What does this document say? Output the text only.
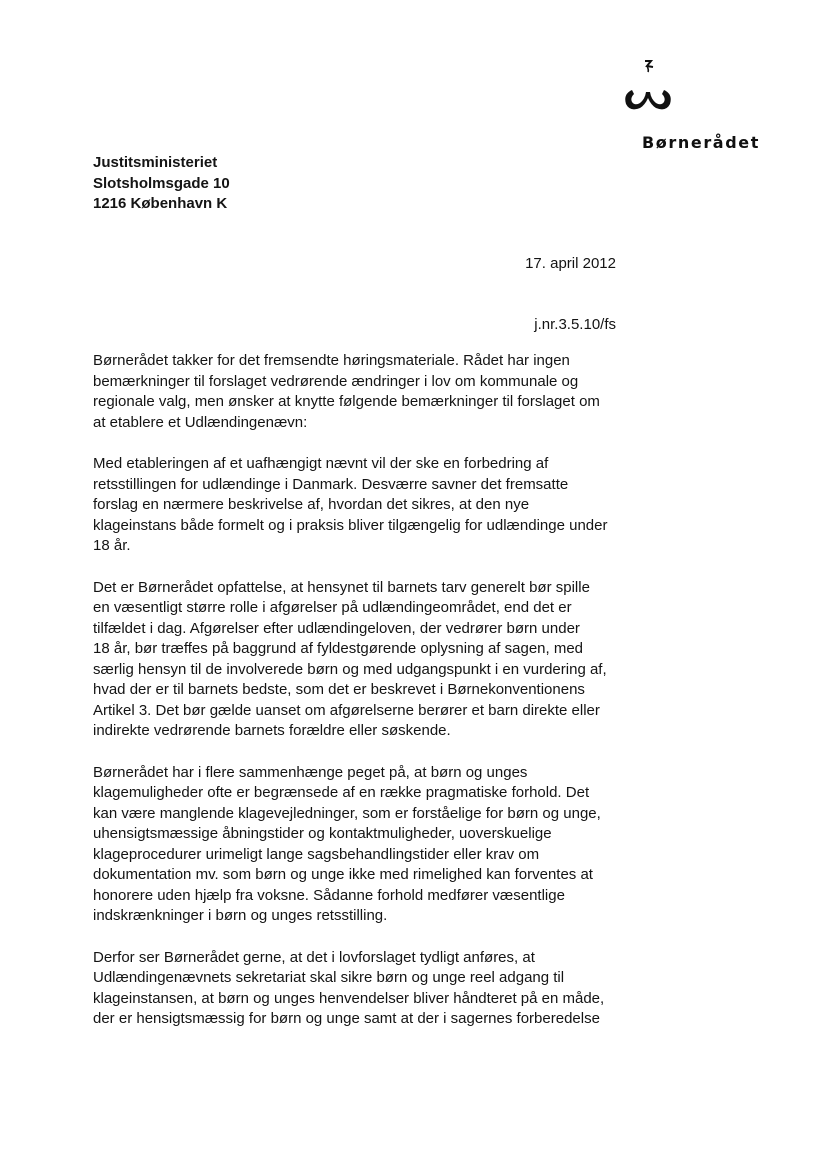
Børnerådet
Justitsministeriet
Slotsholmsgade 10
1216 København K
17. april 2012
j.nr.3.5.10/fs

Børnerådet takker for det fremsendte høringsmateriale. Rådet har ingen
bemærkninger til forslaget vedrørende ændringer i lov om kommunale og
regionale valg, men ønsker at knytte følgende bemærkninger til forslaget om
at etablere et Udlændingenævn:

Med etableringen af et uafhængigt nævnt vil der ske en forbedring af
retsstillingen for udlændinge i Danmark. Desværre savner det fremsatte
forslag en nærmere beskrivelse af, hvordan det sikres, at den nye
klageinstans både formelt og i praksis bliver tilgængelig for udlændinge under
18 år.

Det er Børnerådet opfattelse, at hensynet til barnets tarv generelt bør spille
en væsentligt større rolle i afgørelser på udlændingeområdet, end det er
tilfældet i dag. Afgørelser efter udlændingeloven, der vedrører børn under
18 år, bør træffes på baggrund af fyldestgørende oplysning af sagen, med
særlig hensyn til de involverede børn og med udgangspunkt i en vurdering af,
hvad der er til barnets bedste, som det er beskrevet i Børnekonventionens
Artikel 3. Det bør gælde uanset om afgørelserne berører et barn direkte eller
indirekte vedrørende barnets forældre eller søskende.

Børnerådet har i flere sammenhænge peget på, at børn og unges
klagemuligheder ofte er begrænsede af en række pragmatiske forhold. Det
kan være manglende klagevejledninger, som er forståelige for børn og unge,
uhensigtsmæssige åbningstider og kontaktmuligheder, uoverskuelige
klageprocedurer urimeligt lange sagsbehandlingstider eller krav om
dokumentation mv. som børn og unge ikke med rimelighed kan forventes at
honorere uden hjælp fra voksne. Sådanne forhold medfører væsentlige
indskrænkninger i børn og unges retsstilling.

Derfor ser Børnerådet gerne, at det i lovforslaget tydligt anføres, at
Udlændingenævnets sekretariat skal sikre børn og unge reel adgang til
klageinstansen, at børn og unges henvendelser bliver håndteret på en måde,
der er hensigtsmæssig for børn og unge samt at der i sagernes forberedelse
